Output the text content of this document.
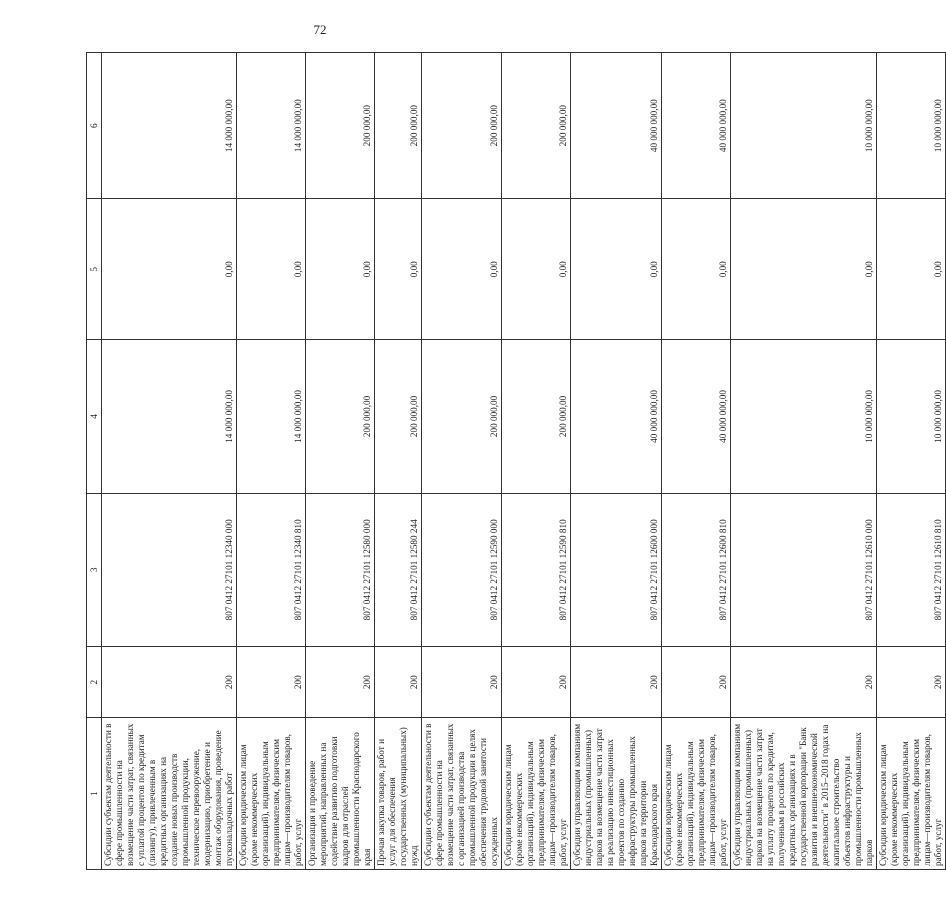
72
1	2	3	4	5	6
Субсидии субъектам деятельности в сфере промышленности на возмещение части затрат, связанных с уплатой процентов по кредитам (лизингу), привлеченным в кредитных организациях на создание новых производств промышленной продукции, техническое перевооружение, модернизацию, приобретение и монтаж оборудования, проведение пусконаладочных работ	200	807 0412 27101 12340 000	14 000 000,00	0,00	14 000 000,00
Субсидии юридическим лицам (кроме некоммерческих организаций), индивидуальным предпринимателям, физическим лицам—производителям товаров, работ, услуг	200	807 0412 27101 12340 810	14 000 000,00	0,00	14 000 000,00
Организация и проведение мероприятий, направленных на содействие развитию подготовки кадров для отраслей промышленности Краснодарского края	200	807 0412 27101 12580 000	200 000,00	0,00	200 000,00
Прочая закупка товаров, работ и услуг для обеспечения государственных (муниципальных) нужд	200	807 0412 27101 12580 244	200 000,00	0,00	200 000,00
Субсидии субъектам деятельности в сфере промышленности на возмещение части затрат, связанных с организацией производства промышленной продукции в целях обеспечения трудовой занятости осужденных	200	807 0412 27101 12590 000	200 000,00	0,00	200 000,00
Субсидии юридическим лицам (кроме некоммерческих организаций), индивидуальным предпринимателям, физическим лицам—производителям товаров, работ, услуг	200	807 0412 27101 12590 810	200 000,00	0,00	200 000,00
Субсидии управляющим компаниям индустриальных (промышленных) парков на возмещение части затрат на реализацию инвестиционных проектов по созданию инфраструктуры промышленных парков на территории Краснодарского края	200	807 0412 27101 12600 000	40 000 000,00	0,00	40 000 000,00
Субсидии юридическим лицам (кроме некоммерческих организаций), индивидуальным предпринимателям, физическим лицам—производителям товаров, работ, услуг	200	807 0412 27101 12600 810	40 000 000,00	0,00	40 000 000,00
Субсидии управляющим компаниям индустриальных (промышленных) парков на возмещение части затрат на уплату процентов по кредитам, полученным в российских кредитных организациях и в государственной корпорации "Банк развития и внешнеэкономической деятельности" в 2015–2018 годах на капитальное строительство объектов инфраструктуры и промышленности промышленных парков	200	807 0412 27101 12610 000	10 000 000,00	0,00	10 000 000,00
Субсидии юридическим лицам (кроме некоммерческих организаций), индивидуальным предпринимателям, физическим лицам—производителям товаров, работ, услуг	200	807 0412 27101 12610 810	10 000 000,00	0,00	10 000 000,00
